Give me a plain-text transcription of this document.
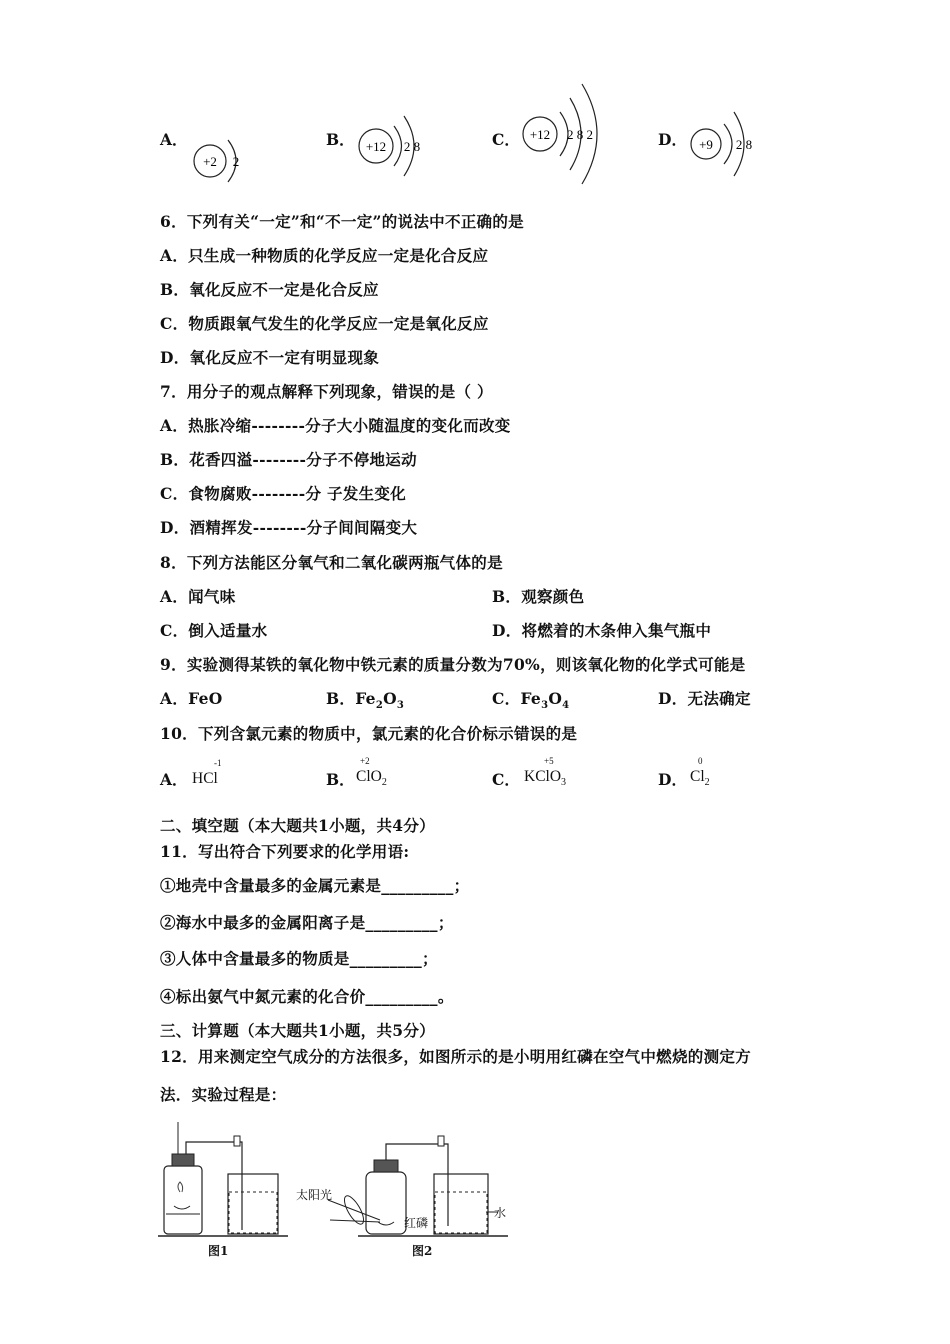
A．
+2 2
B． +12 2 8	C． +12 2 8 2	D． +9 2 8
6．下列有关“一定”和“不一定”的说法中不正确的是
A．只生成一种物质的化学反应一定是化合反应
B．氧化反应不一定是化合反应
C．物质跟氧气发生的化学反应一定是氧化反应
D．氧化反应不一定有明显现象
7．用分子的观点解释下列现象，错误的是（ ）
A．热胀冷缩--------分子大小随温度的变化而改变
B．花香四溢--------分子不停地运动
C．食物腐败--------分 子发生变化
D．酒精挥发--------分子间间隔变大
8．下列方法能区分氧气和二氧化碳两瓶气体的是
A．闻气味	B．观察颜色
C．倒入适量水	D．将燃着的木条伸入集气瓶中
9．实验测得某铁的氧化物中铁元素的质量分数为70%，则该氧化物的化学式可能是
A．FeO	B．$Fe_2O_3$	C．$Fe_3O_4$	D．无法确定
10．下列含氯元素的物质中，氯元素的化合价标示错误的是
A．
-1
HCl	B．
+2
ClO$_2$	C．
+5
KClO$_3$	D．
0
$Cl_2$
二、填空题（本大题共1小题，共4分）
11．写出符合下列要求的化学用语:
①地壳中含量最多的金属元素是_________；
②海水中最多的金属阳离子是_________；
③人体中含量最多的物质是_________；
④标出氨气中氮元素的化合价_________。
三、计算题（本大题共1小题，共5分）
12．用来测定空气成分的方法很多，如图所示的是小明用红磷在空气中燃烧的测定方
法．实验过程是：
图1
太阳光
红磷
水
图2
